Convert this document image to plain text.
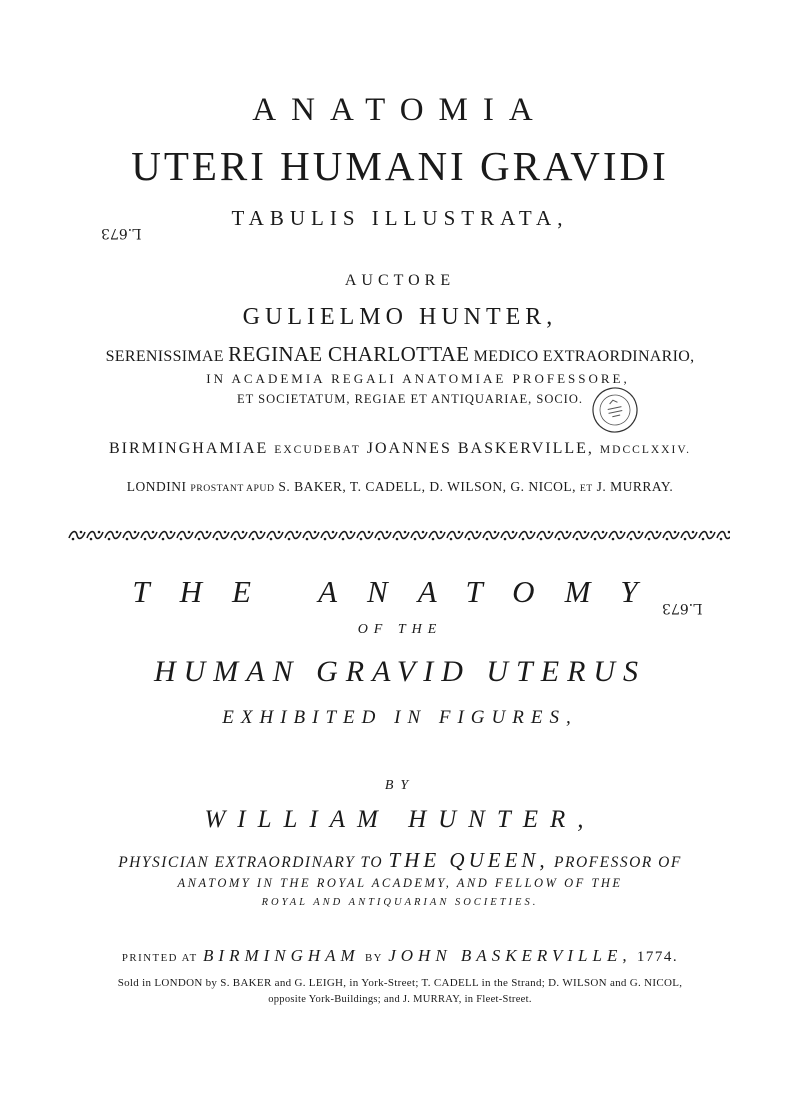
ANATOMIA
UTERI HUMANI GRAVIDI
TABULIS ILLUSTRATA,
L.673
AUCTORE
GULIELMO HUNTER,
SERENISSIMAE REGINAE CHARLOTTAE MEDICO EXTRAORDINARIO,
IN ACADEMIA REGALI ANATOMIAE PROFESSORE,
ET SOCIETATUM, REGIAE ET ANTIQUARIAE, SOCIO.
BIRMINGHAMIAE EXCUDEBAT JOANNES BASKERVILLE, MDCCLXXIV.
LONDINI PROSTANT APUD S. BAKER, T. CADELL, D. WILSON, G. NICOL, ET J. MURRAY.
THE ANATOMY
L.673
OF THE
HUMAN GRAVID UTERUS
EXHIBITED IN FIGURES,
BY
WILLIAM HUNTER,
PHYSICIAN EXTRAORDINARY TO THE QUEEN, PROFESSOR OF
ANATOMY IN THE ROYAL ACADEMY, AND FELLOW OF THE
ROYAL AND ANTIQUARIAN SOCIETIES.
PRINTED AT BIRMINGHAM BY JOHN BASKERVILLE, 1774.
Sold in LONDON by S. BAKER and G. LEIGH, in York-Street; T. CADELL in the Strand; D. WILSON and G. NICOL,
opposite York-Buildings; and J. MURRAY, in Fleet-Street.
